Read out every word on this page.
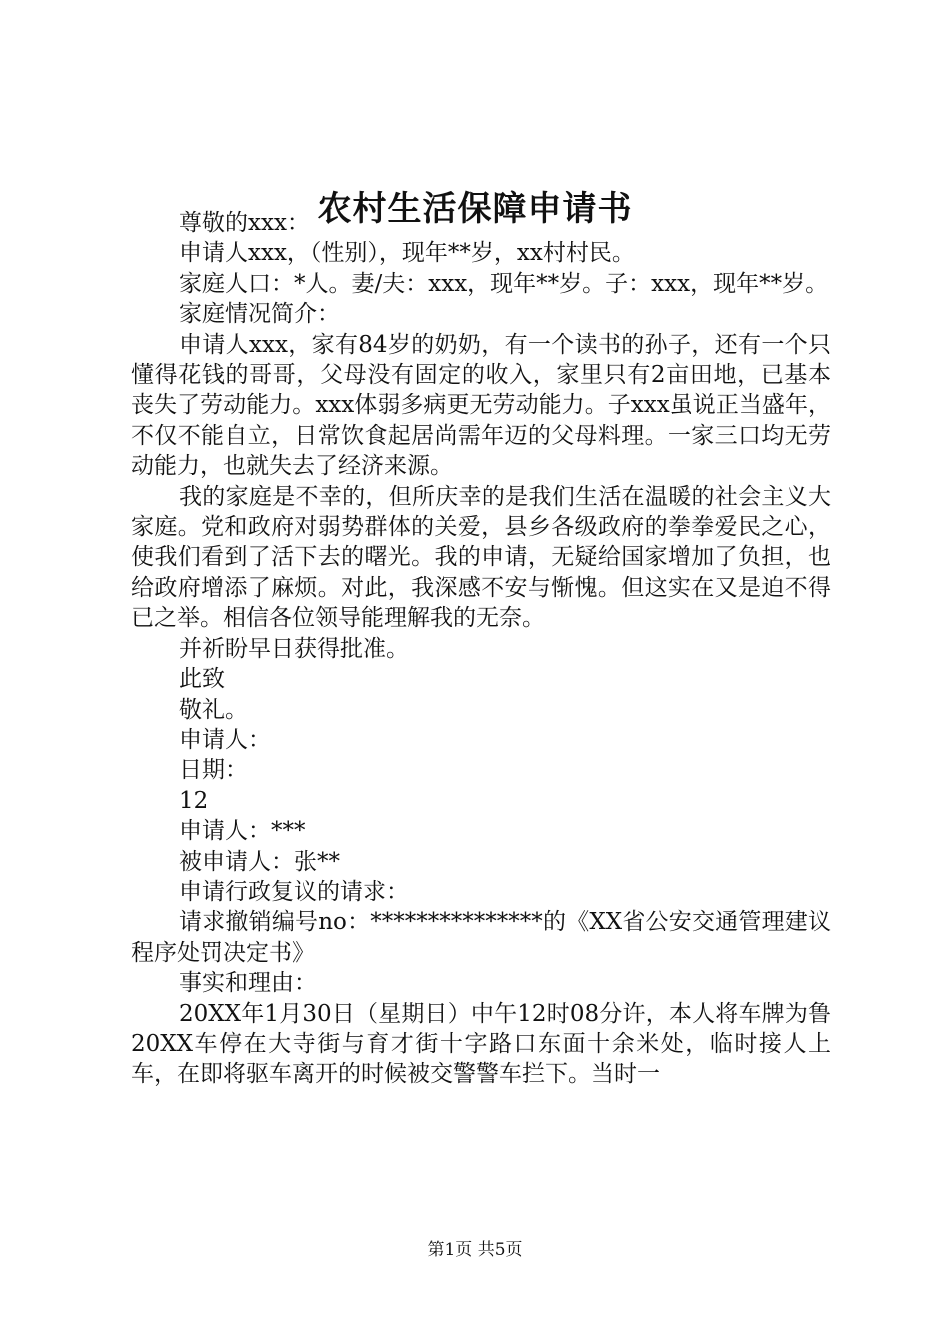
农村生活保障申请书

尊敬的xxx：

申请人xxx，（性别），现年**岁，xx村村民。

家庭人口：*人。妻/夫：xxx，现年**岁。子：xxx，现年**岁。

家庭情况简介：

申请人xxx，家有84岁的奶奶，有一个读书的孙子，还有一个只懂得花钱的哥哥，父母没有固定的收入，家里只有2亩田地，已基本丧失了劳动能力。xxx体弱多病更无劳动能力。子xxx虽说正当盛年，不仅不能自立，日常饮食起居尚需年迈的父母料理。一家三口均无劳动能力，也就失去了经济来源。

我的家庭是不幸的，但所庆幸的是我们生活在温暖的社会主义大家庭。党和政府对弱势群体的关爱，县乡各级政府的拳拳爱民之心，使我们看到了活下去的曙光。我的申请，无疑给国家增加了负担，也给政府增添了麻烦。对此，我深感不安与惭愧。但这实在又是迫不得已之举。相信各位领导能理解我的无奈。

并祈盼早日获得批准。

此致

敬礼。

申请人：

日期：

12

申请人：***

被申请人：张**

申请行政复议的请求：

请求撤销编号no：***************的《XX省公安交通管理建议程序处罚决定书》

事实和理由：

20XX年1月30日（星期日）中午12时08分许，本人将车牌为鲁20XX车停在大寺街与育才街十字路口东面十余米处，临时接人上车，在即将驱车离开的时候被交警警车拦下。当时一

第1页 共5页
